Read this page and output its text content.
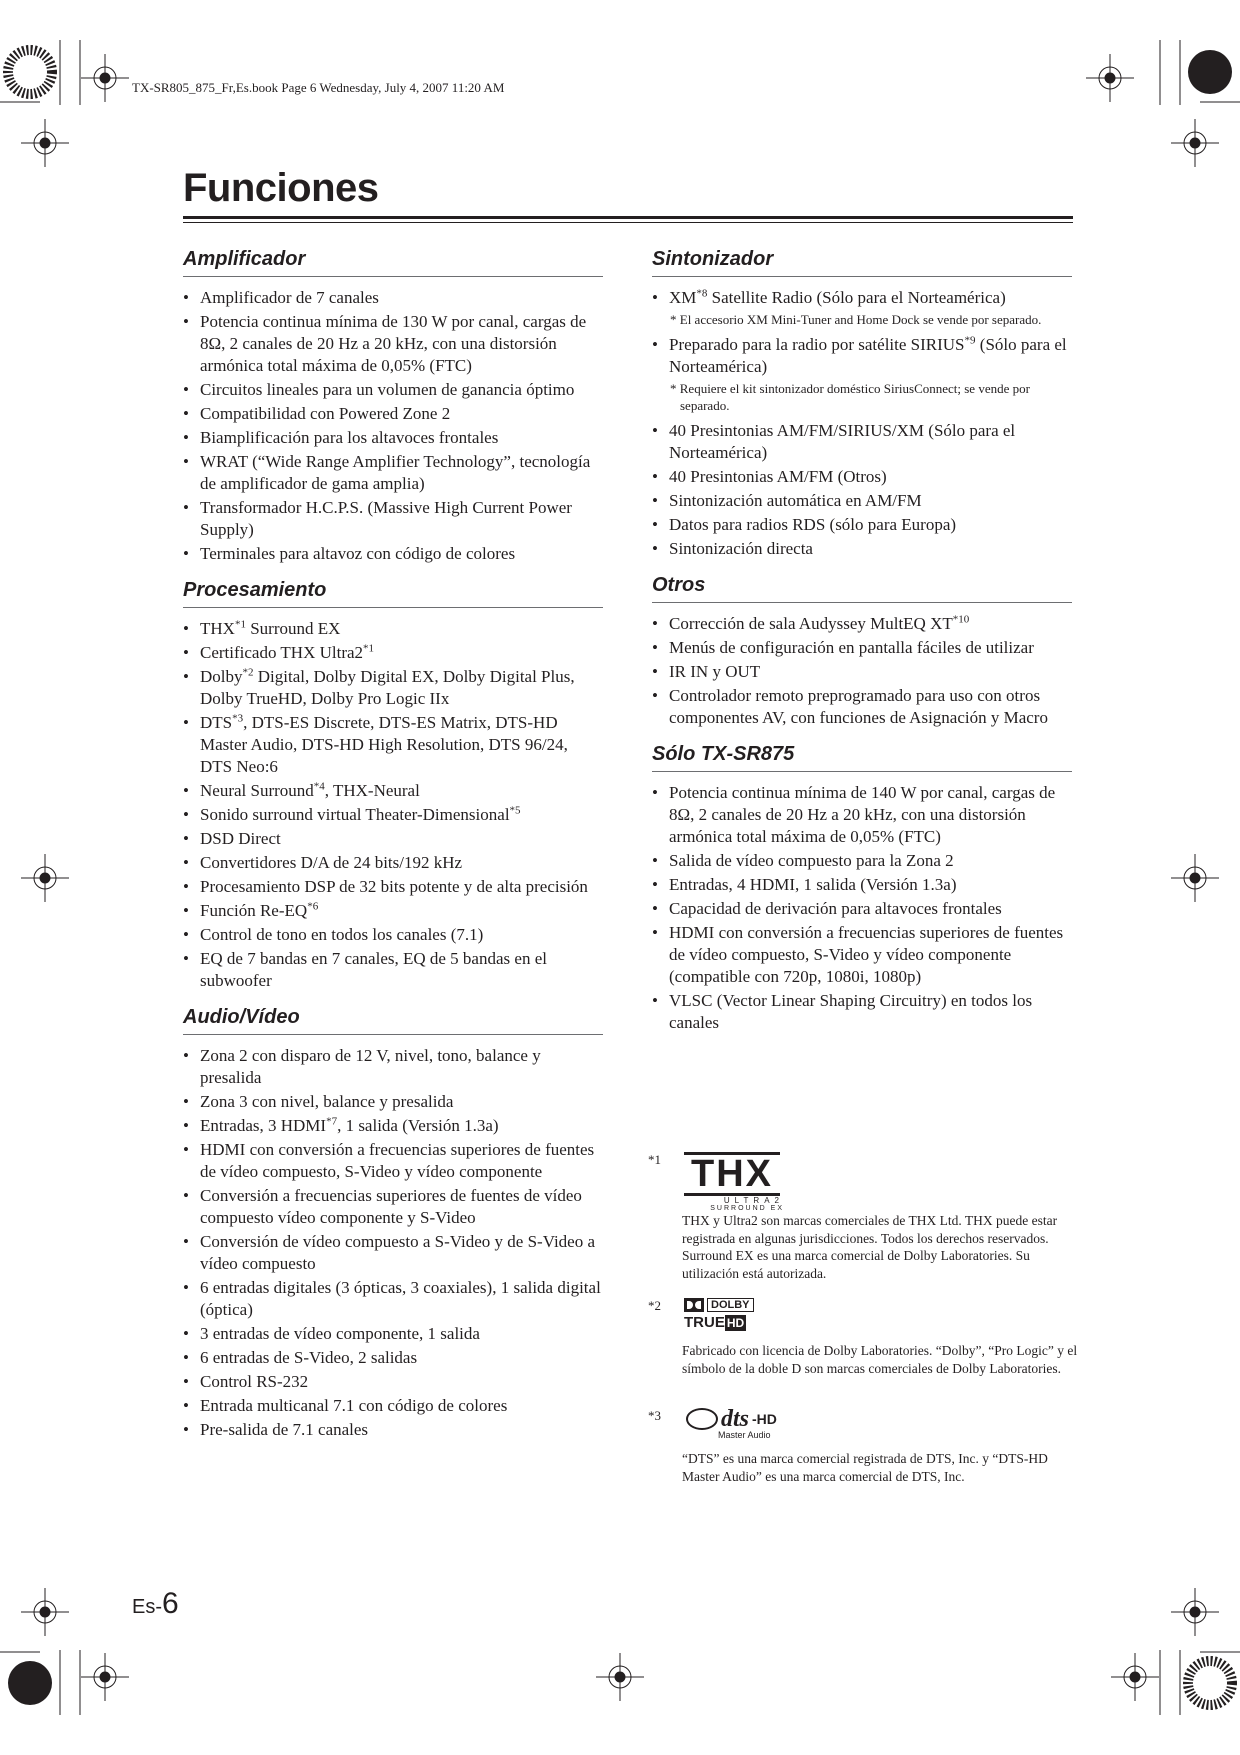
TX-SR805_875_Fr,Es.book Page 6 Wednesday, July 4, 2007 11:20 AM
Funciones
Amplificador
• Amplificador de 7 canales
• Potencia continua mínima de 130 W por canal, cargas de 8Ω, 2 canales de 20 Hz a 20 kHz, con una distorsión armónica total máxima de 0,05% (FTC)
• Circuitos lineales para un volumen de ganancia óptimo
• Compatibilidad con Powered Zone 2
• Biamplificación para los altavoces frontales
• WRAT (“Wide Range Amplifier Technology”, tecnología de amplificador de gama amplia)
• Transformador H.C.P.S. (Massive High Current Power Supply)
• Terminales para altavoz con código de colores
Procesamiento
• THX$^{*1}$ Surround EX
• Certificado THX Ultra2$^{*1}$
• Dolby$^{*2}$ Digital, Dolby Digital EX, Dolby Digital Plus, Dolby TrueHD, Dolby Pro Logic IIx
• DTS$^{*3}$, DTS-ES Discrete, DTS-ES Matrix, DTS-HD Master Audio, DTS-HD High Resolution, DTS 96/24, DTS Neo:6
• Neural Surround$^{*4}$, THX-Neural
• Sonido surround virtual Theater-Dimensional$^{*5}$
• DSD Direct
• Convertidores D/A de 24 bits/192 kHz
• Procesamiento DSP de 32 bits potente y de alta precisión
• Función Re-EQ$^{*6}$
• Control de tono en todos los canales (7.1)
• EQ de 7 bandas en 7 canales, EQ de 5 bandas en el subwoofer
Audio/Vídeo
• Zona 2 con disparo de 12 V, nivel, tono, balance y presalida
• Zona 3 con nivel, balance y presalida
• Entradas, 3 HDMI$^{*7}$, 1 salida (Versión 1.3a)
• HDMI con conversión a frecuencias superiores de fuentes de vídeo compuesto, S-Video y vídeo componente
• Conversión a frecuencias superiores de fuentes de vídeo compuesto vídeo componente y S-Video
• Conversión de vídeo compuesto a S-Video y de S-Video a vídeo compuesto
• 6 entradas digitales (3 ópticas, 3 coaxiales), 1 salida digital (óptica)
• 3 entradas de vídeo componente, 1 salida
• 6 entradas de S-Video, 2 salidas
• Control RS-232
• Entrada multicanal 7.1 con código de colores
• Pre-salida de 7.1 canales
Sintonizador
• XM$^{*8}$ Satellite Radio (Sólo para el Norteamérica)
* El accesorio XM Mini-Tuner and Home Dock se vende por separado.
• Preparado para la radio por satélite SIRIUS$^{*9}$ (Sólo para el Norteamérica)
* Requiere el kit sintonizador doméstico SiriusConnect; se vende por separado.
• 40 Presintonias AM/FM/SIRIUS/XM (Sólo para el Norteamérica)
• 40 Presintonias AM/FM (Otros)
• Sintonización automática en AM/FM
• Datos para radios RDS (sólo para Europa)
• Sintonización directa
Otros
• Corrección de sala Audyssey MultEQ XT$^{*10}$
• Menús de configuración en pantalla fáciles de utilizar
• IR IN y OUT
• Controlador remoto preprogramado para uso con otros componentes AV, con funciones de Asignación y Macro
Sólo TX-SR875
• Potencia continua mínima de 140 W por canal, cargas de 8Ω, 2 canales de 20 Hz a 20 kHz, con una distorsión armónica total máxima de 0,05% (FTC)
• Salida de vídeo compuesto para la Zona 2
• Entradas, 4 HDMI, 1 salida (Versión 1.3a)
• Capacidad de derivación para altavoces frontales
• HDMI con conversión a frecuencias superiores de fuentes de vídeo compuesto, S-Video y vídeo componente (compatible con 720p, 1080i, 1080p)
• VLSC (Vector Linear Shaping Circuitry) en todos los canales
*1 THX
ULTRA2
SURROUND EX
THX y Ultra2 son marcas comerciales de THX Ltd. THX puede estar registrada en algunas jurisdicciones. Todos los derechos reservados. Surround EX es una marca comercial de Dolby Laboratories. Su utilización está autorizada.
*2	DOLBY
TRUE HD
Fabricado con licencia de Dolby Laboratories. “Dolby”, “Pro Logic” y el símbolo de la doble D son marcas comerciales de Dolby Laboratories.
*3	dts -HD
Master Audio
“DTS” es una marca comercial registrada de DTS, Inc. y “DTS-HD Master Audio” es una marca comercial de DTS, Inc.
Es-6
